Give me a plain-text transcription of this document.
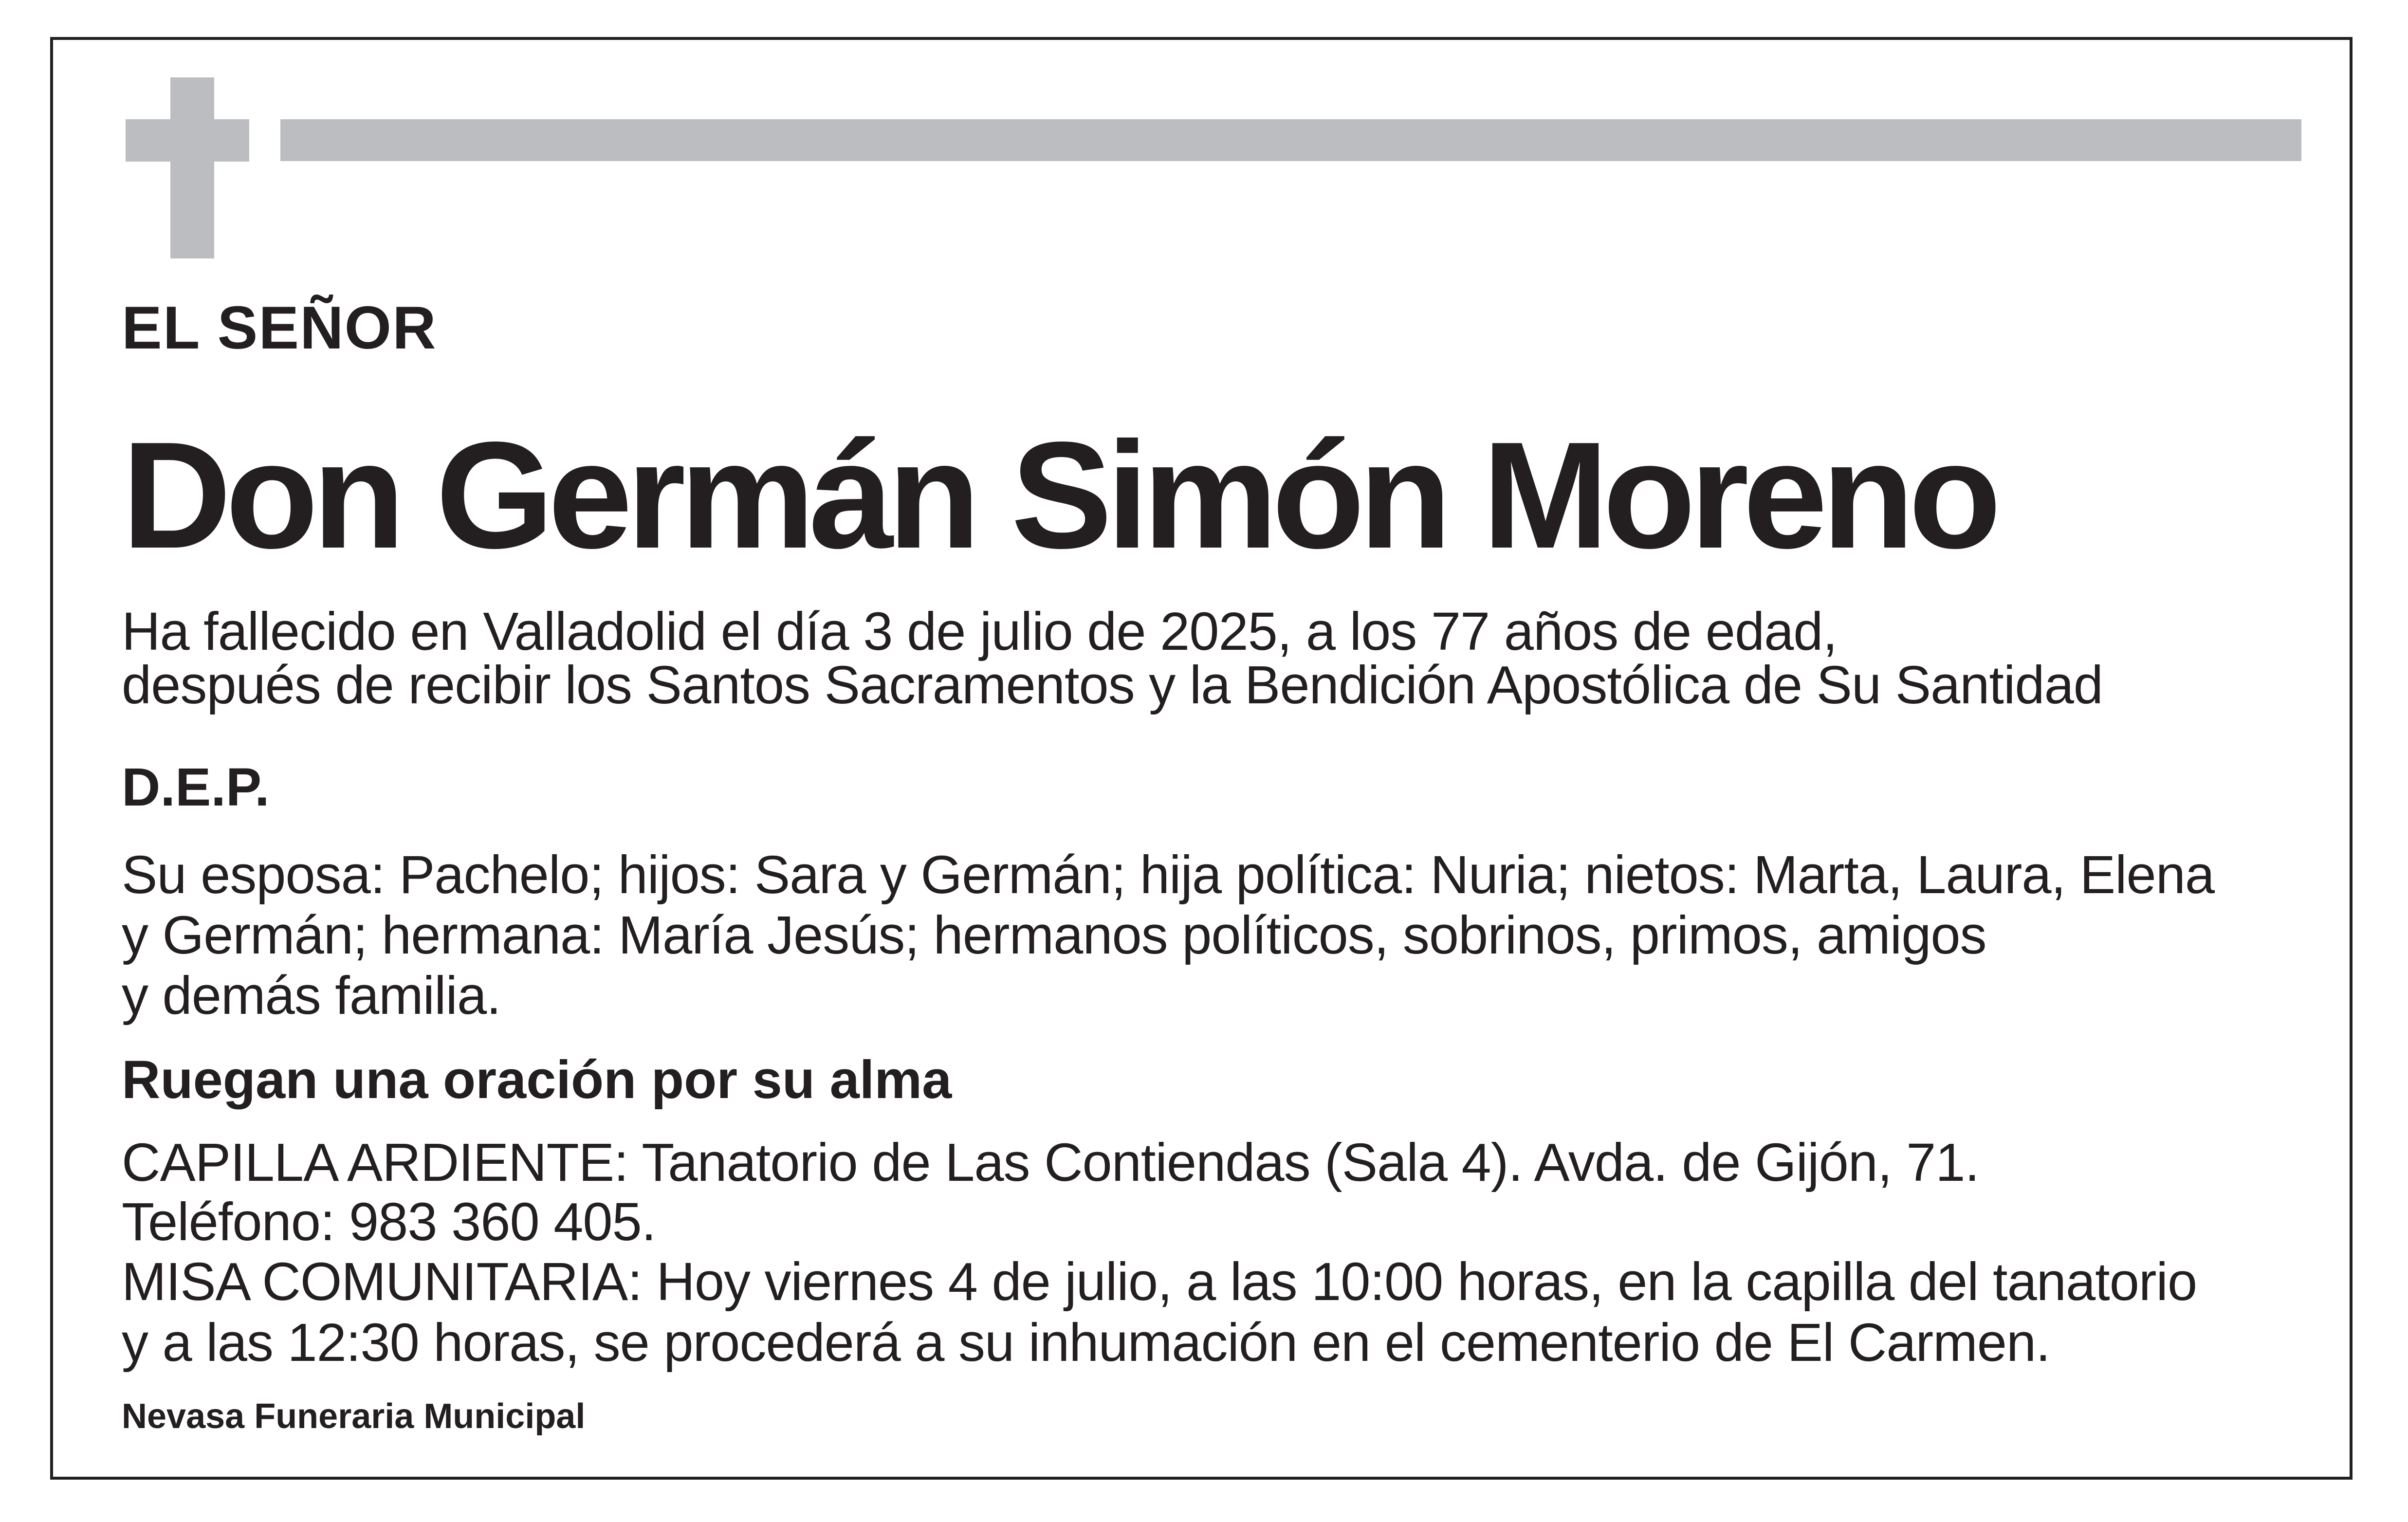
EL SEÑOR

Don Germán Simón Moreno

Ha fallecido en Valladolid el día 3 de julio de 2025, a los 77 años de edad,

después de recibir los Santos Sacramentos y la Bendición Apostólica de Su Santidad

D.E.P.

Su esposa: Pachelo; hijos: Sara y Germán; hija política: Nuria; nietos: Marta, Laura, Elena

y Germán; hermana: María Jesús; hermanos políticos, sobrinos, primos, amigos

y demás familia.

Ruegan una oración por su alma

CAPILLA ARDIENTE: Tanatorio de Las Contiendas (Sala 4). Avda. de Gijón, 71.

Teléfono: 983 360 405.

MISA COMUNITARIA: Hoy viernes 4 de julio, a las 10:00 horas, en la capilla del tanatorio

y a las 12:30 horas, se procederá a su inhumación en el cementerio de El Carmen.

Nevasa Funeraria Municipal
